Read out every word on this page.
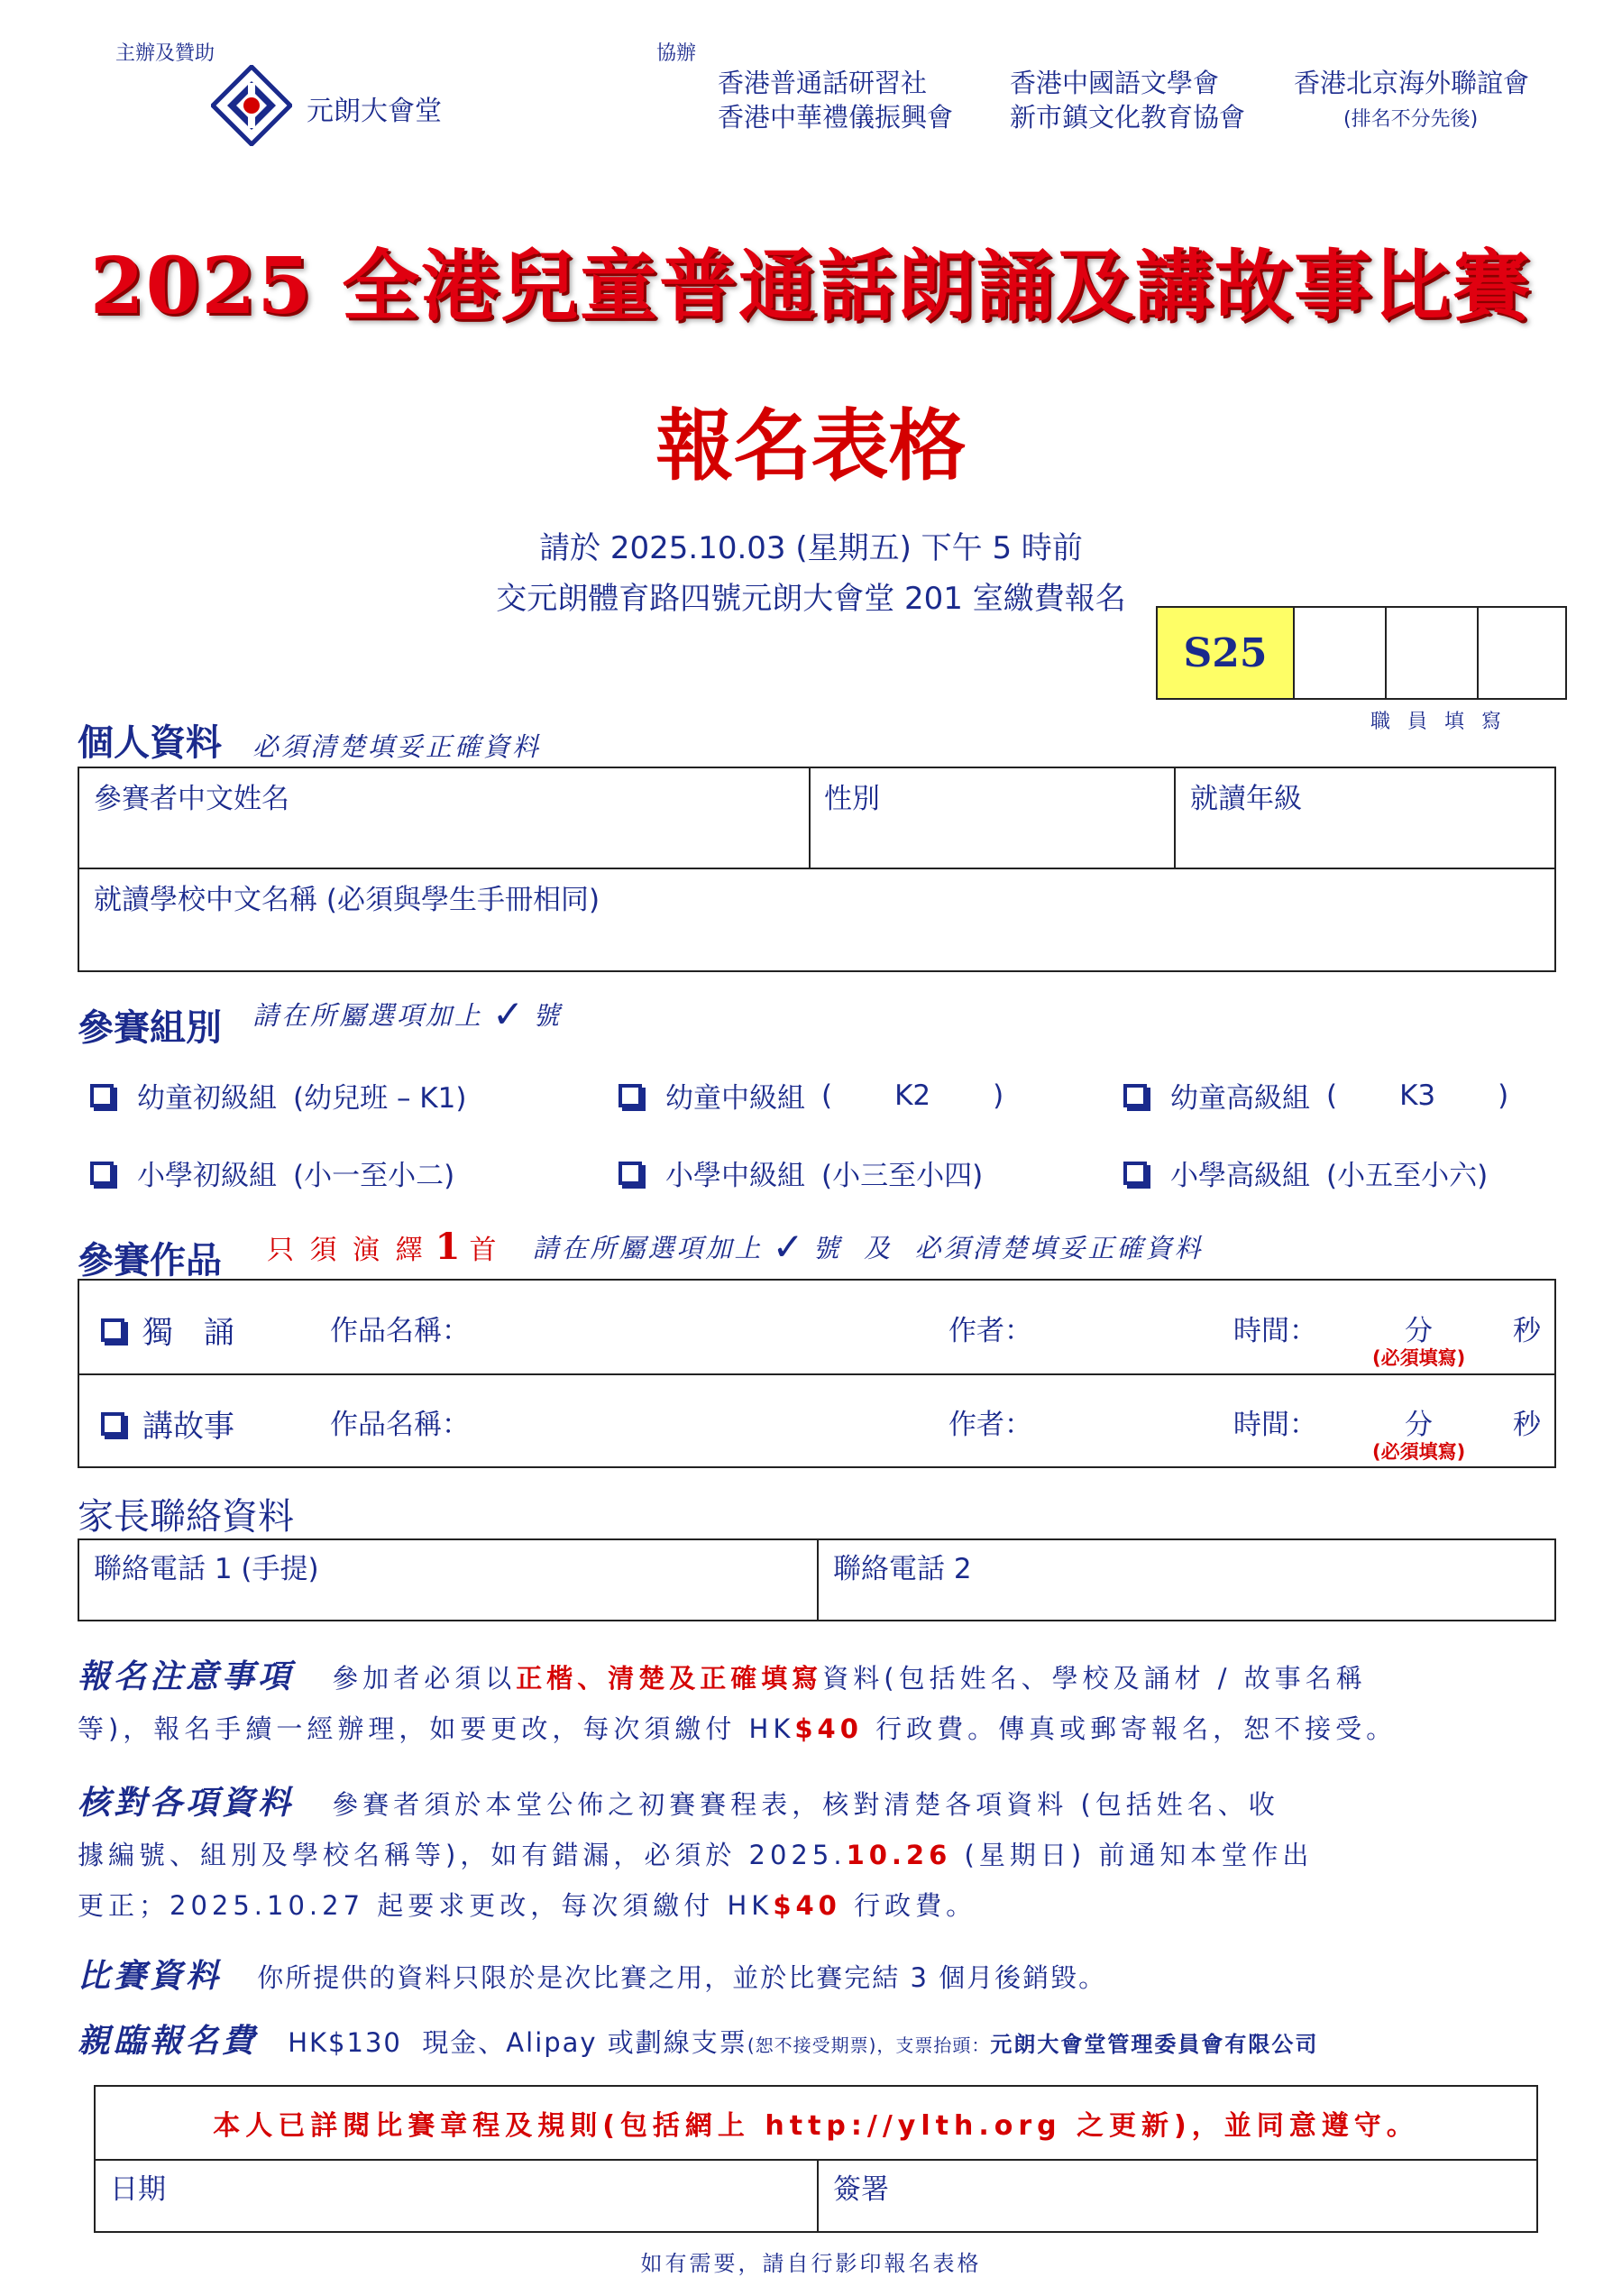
主辦及贊助
元朗大會堂
協辦
香港普通話研習社	香港中國語文學會	香港北京海外聯誼會
香港中華禮儀振興會 新市鎮文化教育協會	(排名不分先後)
2025 全港兒童普通話朗誦及講故事比賽
報名表格
請於 2025.10.03 (星期五) 下午 5 時前
交元朗體育路四號元朗大會堂 201 室繳費報名
S25
職 員 填 寫
個人資料 必須清楚填妥正確資料
參賽者中文姓名	性別	就讀年級
就讀學校中文名稱 (必須與學生手冊相同)
參賽組別 請在所屬選項加上 ✓ 號
幼童初級組 (幼兒班 – K1)	幼童中級組 (       K2       )	幼童高級組 (       K3       )
小學初級組 (小一至小二)	小學中級組 (小三至小四)	小學高級組 (小五至小六)
參賽作品 只 須 演 繹 1 首 請在所屬選項加上 ✓ 號  及  必須清楚填妥正確資料
獨　誦	作品名稱：	作者：	時間：	分	秒
(必須填寫)
講故事	作品名稱：	作者：	時間：	分	秒
(必須填寫)
家長聯絡資料
聯絡電話 1 (手提)	聯絡電話 2
報名注意事項 參加者必須以正楷、清楚及正確填寫資料(包括姓名、學校及誦材 / 故事名稱
等)，報名手續一經辦理，如要更改，每次須繳付 HK$40 行政費。傳真或郵寄報名，恕不接受。
核對各項資料 參賽者須於本堂公佈之初賽賽程表，核對清楚各項資料 (包括姓名、收
據編號、組別及學校名稱等)，如有錯漏，必須於 2025.10.26 (星期日) 前通知本堂作出
更正；2025.10.27 起要求更改，每次須繳付 HK$40 行政費。
比賽資料 你所提供的資料只限於是次比賽之用，並於比賽完結 3 個月後銷毀。
親臨報名費 HK$130  現金、Alipay 或劃線支票(恕不接受期票)，支票抬頭：元朗大會堂管理委員會有限公司
本人已詳閱比賽章程及規則(包括網上 http://ylth.org 之更新)，並同意遵守。
日期	簽署
如有需要，請自行影印報名表格
